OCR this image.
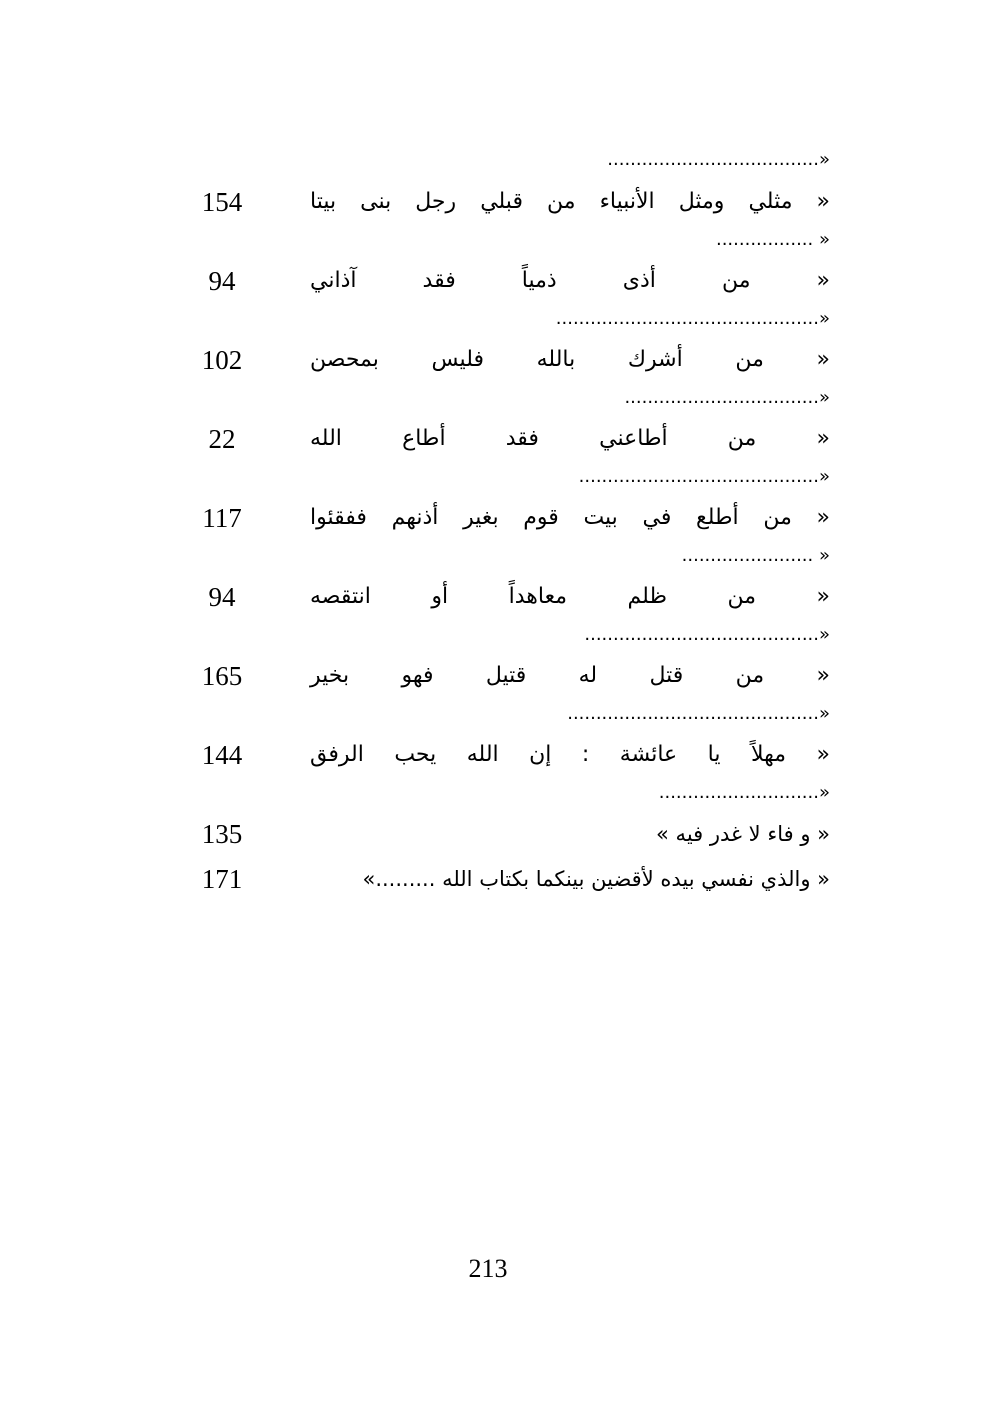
«.....................................
« مثلي ومثل الأنبياء من قبلي رجل بنى بيتا
154
« .................
« من أذى ذمياً فقد آذاني
94
«..............................................
« من أشرك بالله فليس بمحصن
102
«..................................
« من أطاعني فقد أطاع الله
22
«..........................................
« من أطلع في بيت قوم بغير أذنهم ففقئوا
117
« .......................
« من ظلم معاهداً أو انتقصه
94
«.........................................
« من قتل له قتيل فهو بخير
165
«............................................
« مهلاً يا عائشة : إن الله يحب الرفق
144
«............................
« و فاء لا غدر فيه »
135
« والذي نفسي بيده لأقضين بينكما بكتاب الله .........»
171
213
